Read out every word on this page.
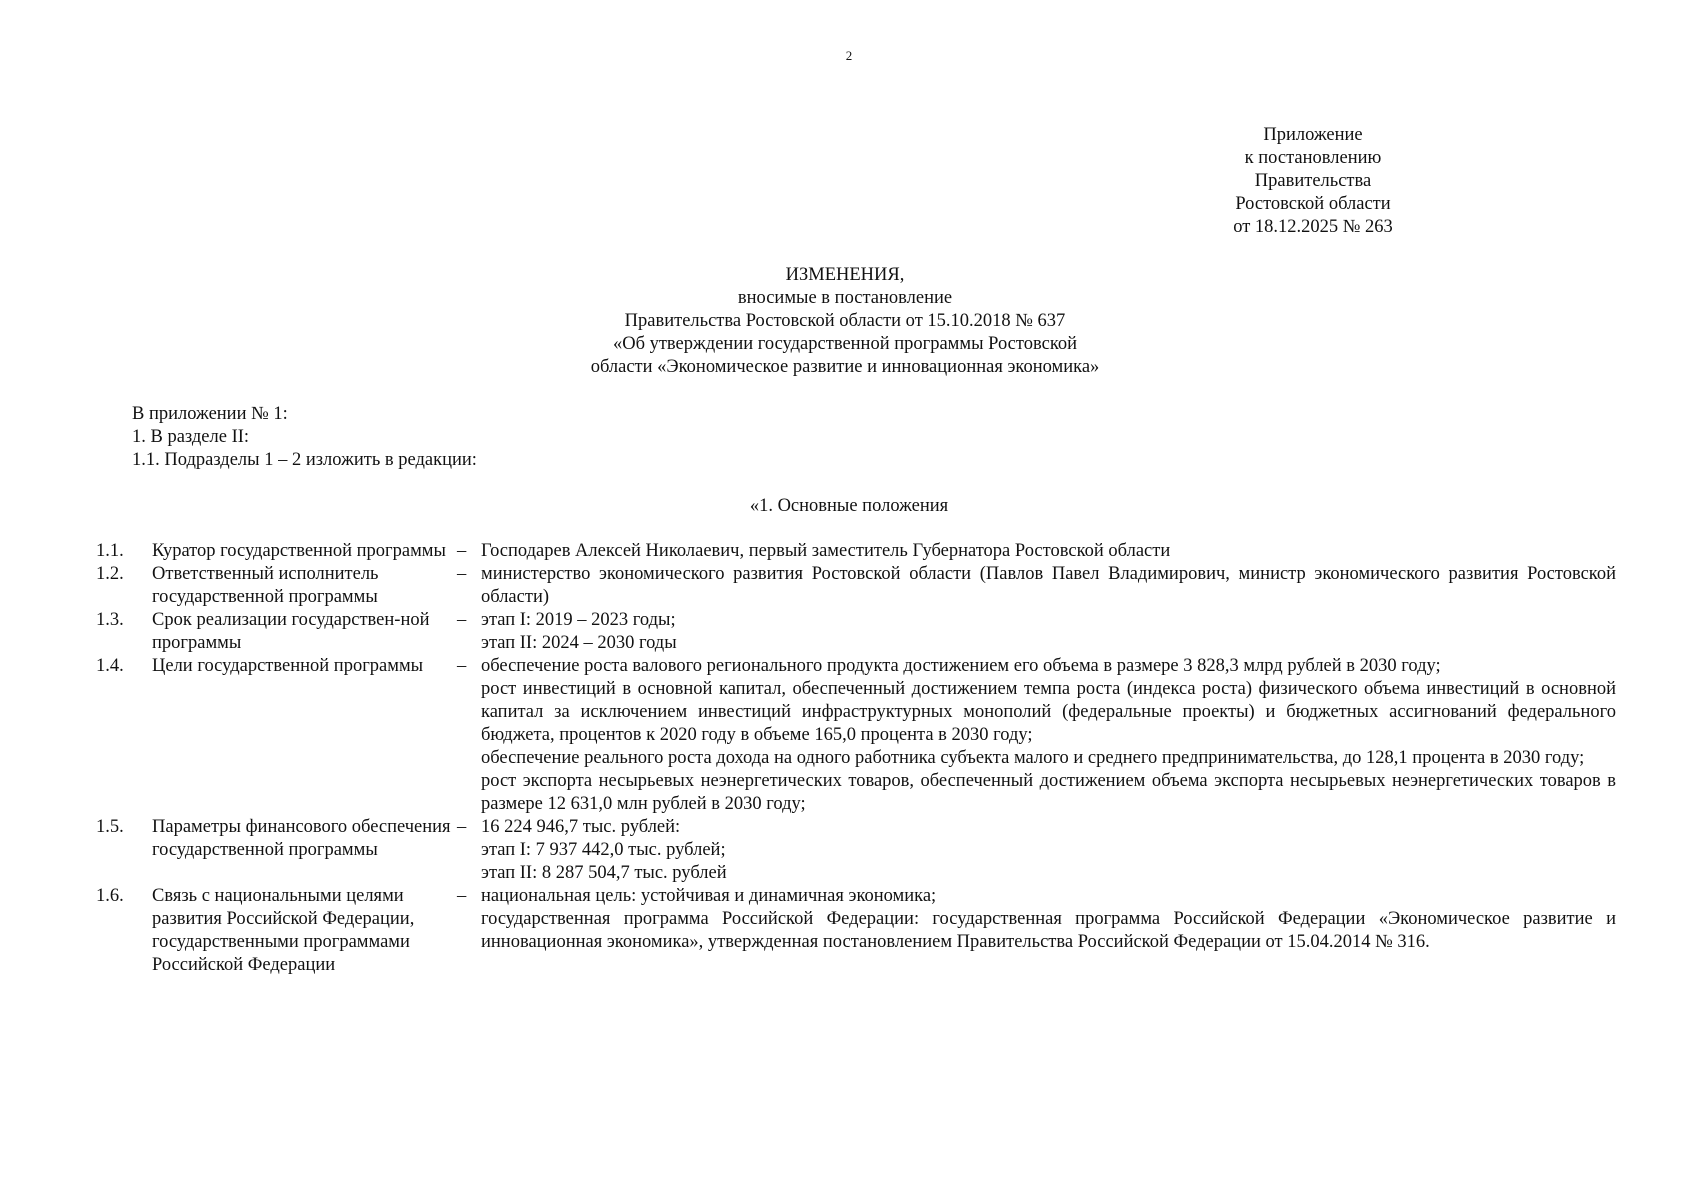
2
Приложение
к постановлению
Правительства
Ростовской области
от 18.12.2025 № 263
ИЗМЕНЕНИЯ,
вносимые в постановление
Правительства Ростовской области от 15.10.2018 № 637
«Об утверждении государственной программы Ростовской
области «Экономическое развитие и инновационная экономика»
В приложении № 1:
1. В разделе II:
1.1. Подразделы 1 – 2 изложить в редакции:
«1. Основные положения
1.1.	Куратор государственной программы – Господарев Алексей Николаевич, первый заместитель Губернатора Ростовской области

1.2.	Ответственный исполнитель государственной программы
– министерство экономического развития Ростовской области (Павлов Павел Владимирович, министр экономического развития Ростовской области)

1.3.	Срок реализации государствен-ной программы
– этап I: 2019 – 2023 годы;

этап II: 2024 – 2030 годы

1.4.	Цели государственной программы	– обеспечение роста валового регионального продукта достижением его объема в размере 3 828,3 млрд рублей в 2030 году;

рост инвестиций в основной капитал, обеспеченный достижением темпа роста (индекса роста) физического объема инвестиций в основной капитал за исключением инвестиций инфраструктурных монополий (федеральные проекты) и бюджетных ассигнований федерального бюджета, процентов к 2020 году в объеме 165,0 процента в 2030 году;

обеспечение реального роста дохода на одного работника субъекта малого и среднего предпринимательства, до 128,1 процента в 2030 году;

рост экспорта несырьевых неэнергетических товаров, обеспеченный достижением объема экспорта несырьевых неэнергетических товаров в размере 12 631,0 млн рублей в 2030 году;

1.5.	Параметры финансового обеспечения государственной программы
– 16 224 946,7 тыс. рублей:

этап I: 7 937 442,0 тыс. рублей;

этап II: 8 287 504,7 тыс. рублей

1.6.	Связь с национальными целями развития Российской Федерации, государственными программами Российской Федерации
– национальная цель: устойчивая и динамичная экономика;

государственная программа Российской Федерации: государственная программа Российской Федерации «Экономическое развитие и инновационная экономика», утвержденная постановлением Правительства Российской Федерации от 15.04.2014 № 316.
